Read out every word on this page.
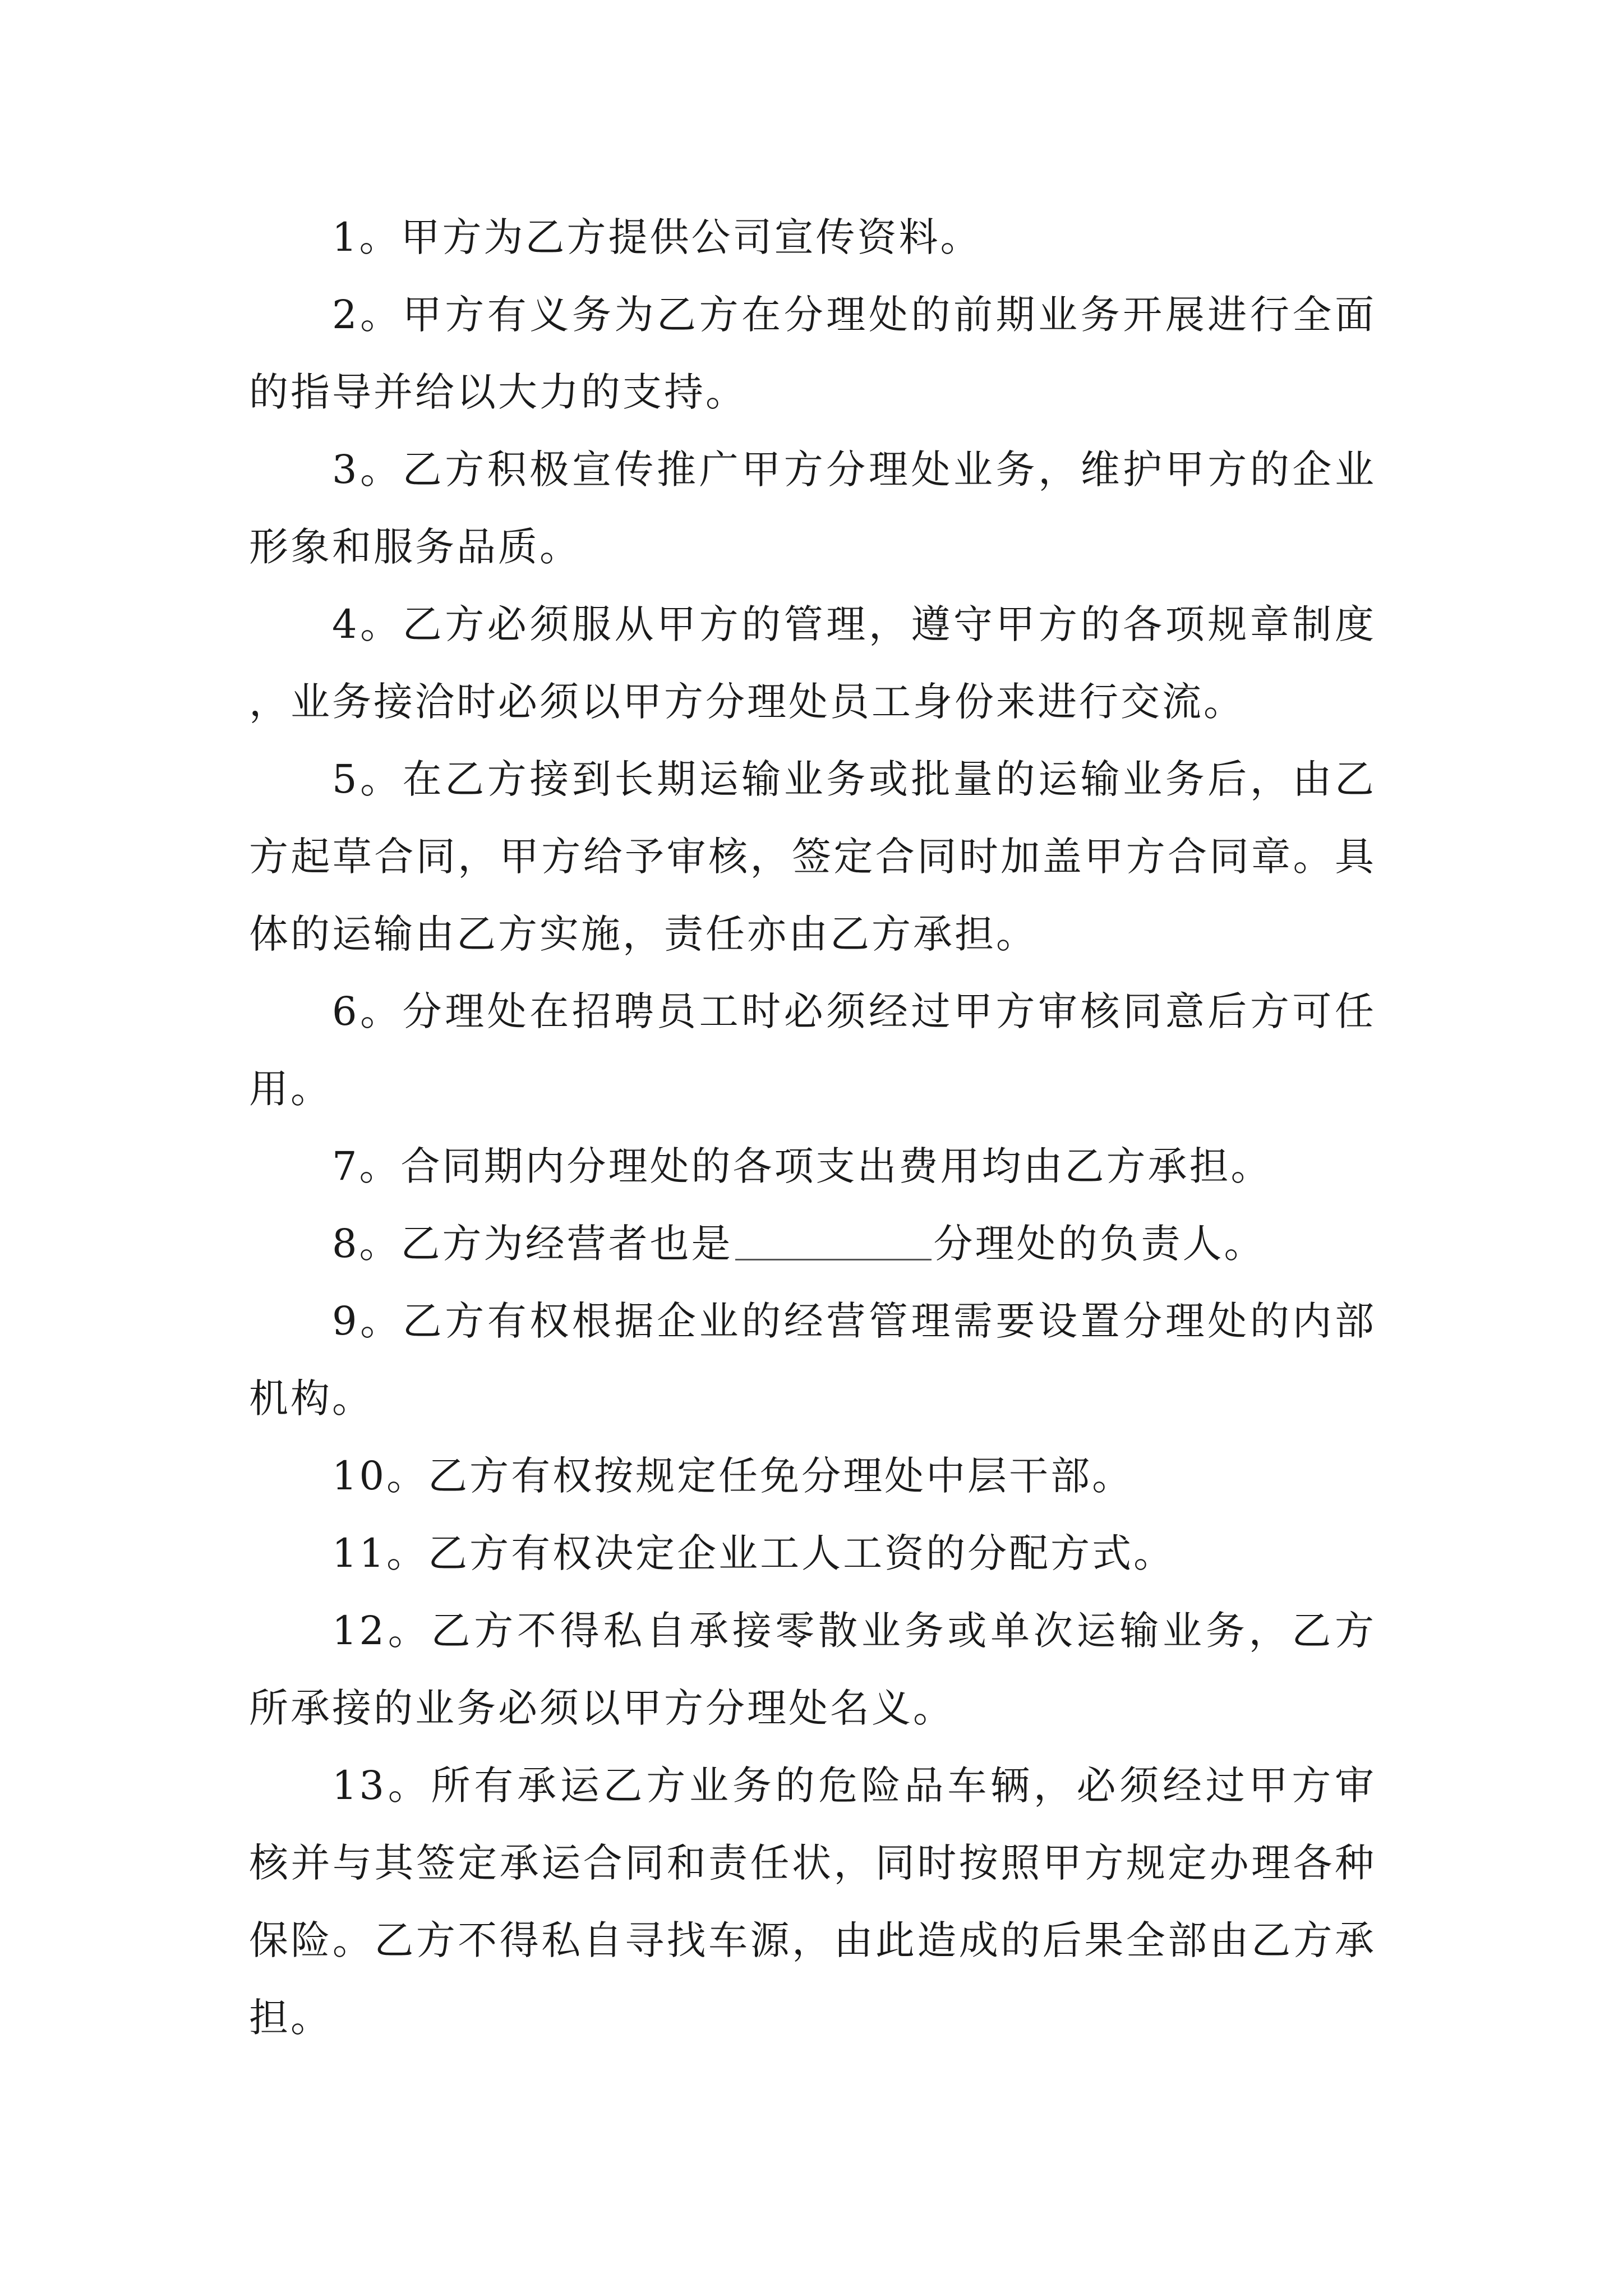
1。甲方为乙方提供公司宣传资料。

2。甲方有义务为乙方在分理处的前期业务开展进行全面的指导并给以大力的支持。

3。乙方积极宣传推广甲方分理处业务，维护甲方的企业形象和服务品质。

4。乙方必须服从甲方的管理，遵守甲方的各项规章制度，业务接洽时必须以甲方分理处员工身份来进行交流。

5。在乙方接到长期运输业务或批量的运输业务后，由乙方起草合同，甲方给予审核，签定合同时加盖甲方合同章。具体的运输由乙方实施，责任亦由乙方承担。

6。分理处在招聘员工时必须经过甲方审核同意后方可任用。

7。合同期内分理处的各项支出费用均由乙方承担。

8。乙方为经营者也是	分理处的负责人。

9。乙方有权根据企业的经营管理需要设置分理处的内部机构。

10。乙方有权按规定任免分理处中层干部。

11。乙方有权决定企业工人工资的分配方式。

12。乙方不得私自承接零散业务或单次运输业务，乙方所承接的业务必须以甲方分理处名义。

13。所有承运乙方业务的危险品车辆，必须经过甲方审核并与其签定承运合同和责任状，同时按照甲方规定办理各种保险。乙方不得私自寻找车源，由此造成的后果全部由乙方承担。
